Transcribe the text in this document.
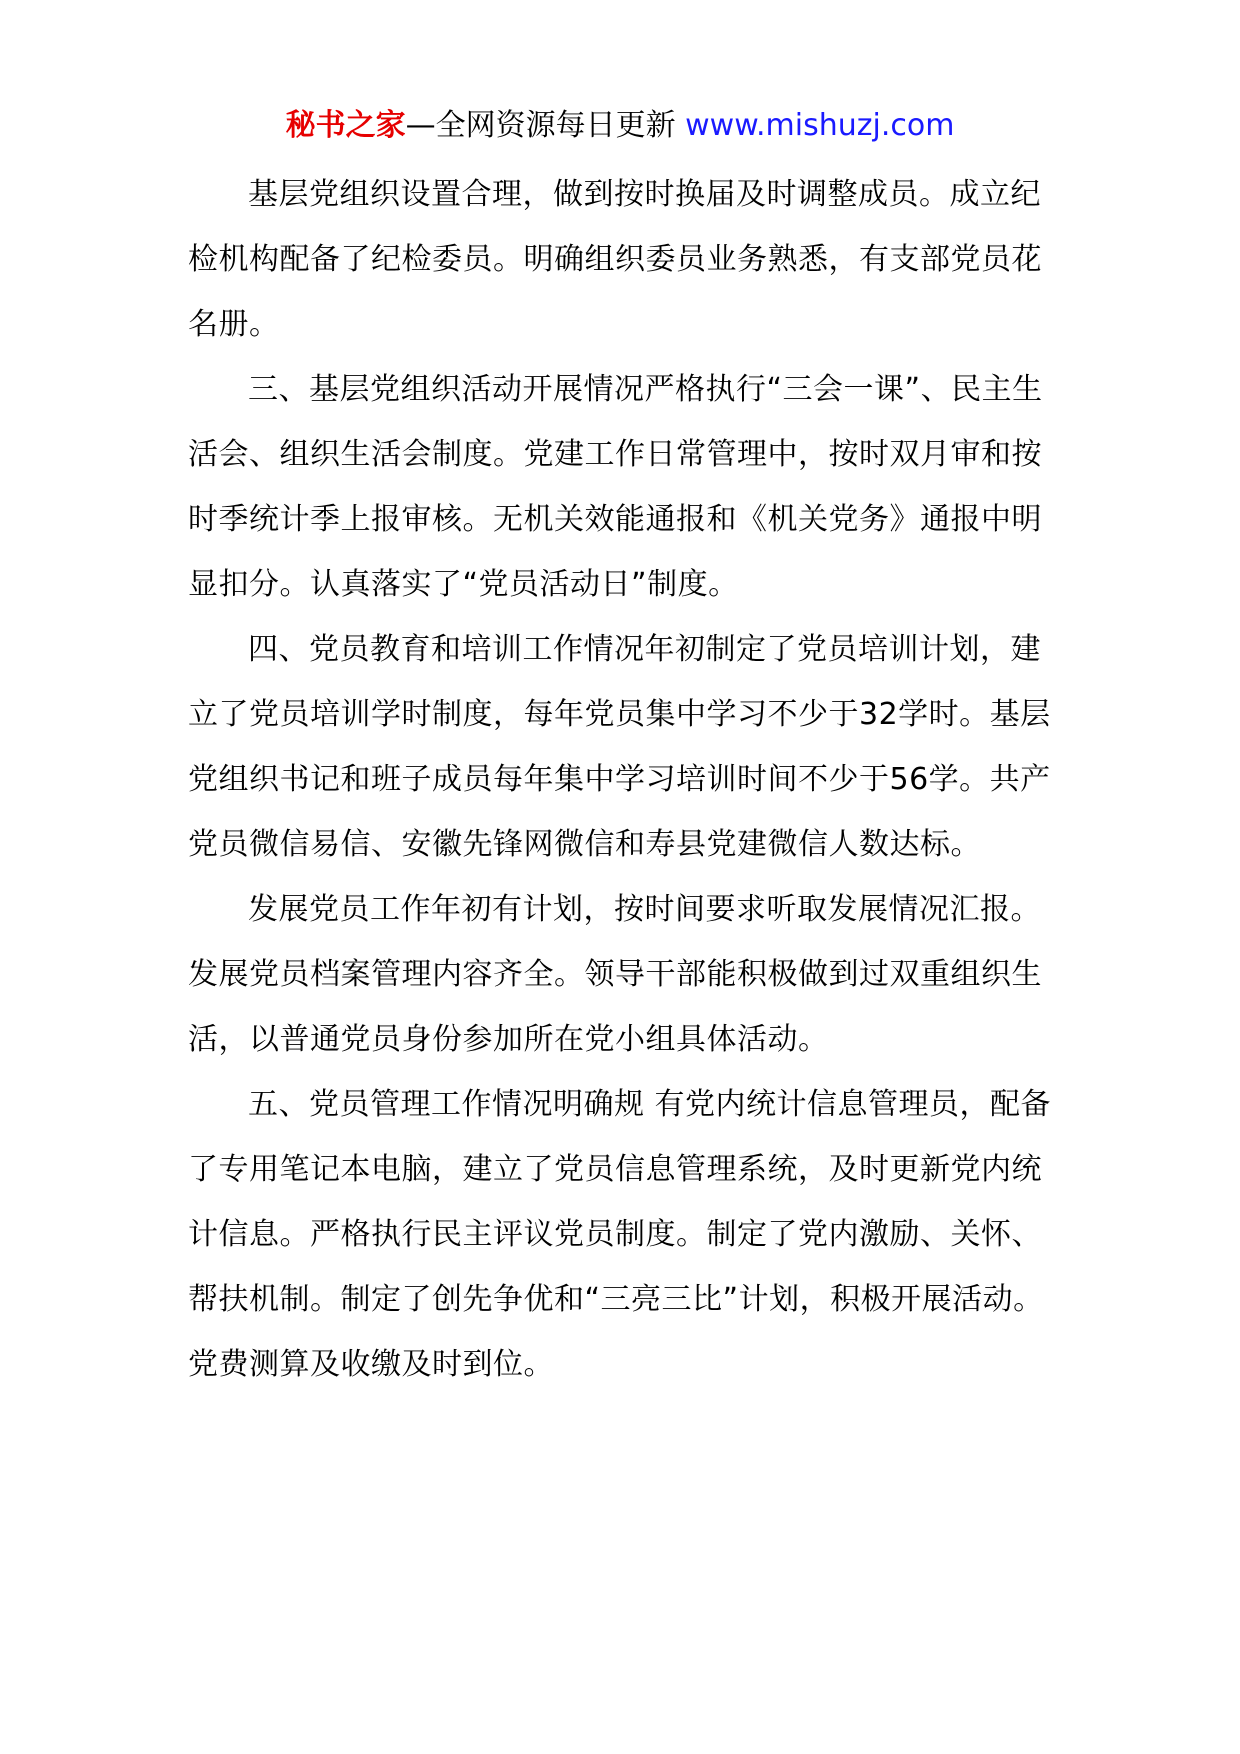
秘书之家—全网资源每日更新 www.mishuzj.com

基层党组织设置合理，做到按时换届及时调整成员。成立纪检机构配备了纪检委员。明确组织委员业务熟悉，有支部党员花名册。

三、基层党组织活动开展情况严格执行“三会一课”、民主生活会、组织生活会制度。党建工作日常管理中，按时双月审和按时季统计季上报审核。无机关效能通报和《机关党务》通报中明显扣分。认真落实了“党员活动日”制度。

四、党员教育和培训工作情况年初制定了党员培训计划，建立了党员培训学时制度，每年党员集中学习不少于32学时。基层党组织书记和班子成员每年集中学习培训时间不少于56学。共产党员微信易信、安徽先锋网微信和寿县党建微信人数达标。

发展党员工作年初有计划，按时间要求听取发展情况汇报。发展党员档案管理内容齐全。领导干部能积极做到过双重组织生活，以普通党员身份参加所在党小组具体活动。

五、党员管理工作情况明确规 有党内统计信息管理员，配备了专用笔记本电脑，建立了党员信息管理系统，及时更新党内统计信息。严格执行民主评议党员制度。制定了党内激励、关怀、帮扶机制。制定了创先争优和“三亮三比”计划，积极开展活动。党费测算及收缴及时到位。
